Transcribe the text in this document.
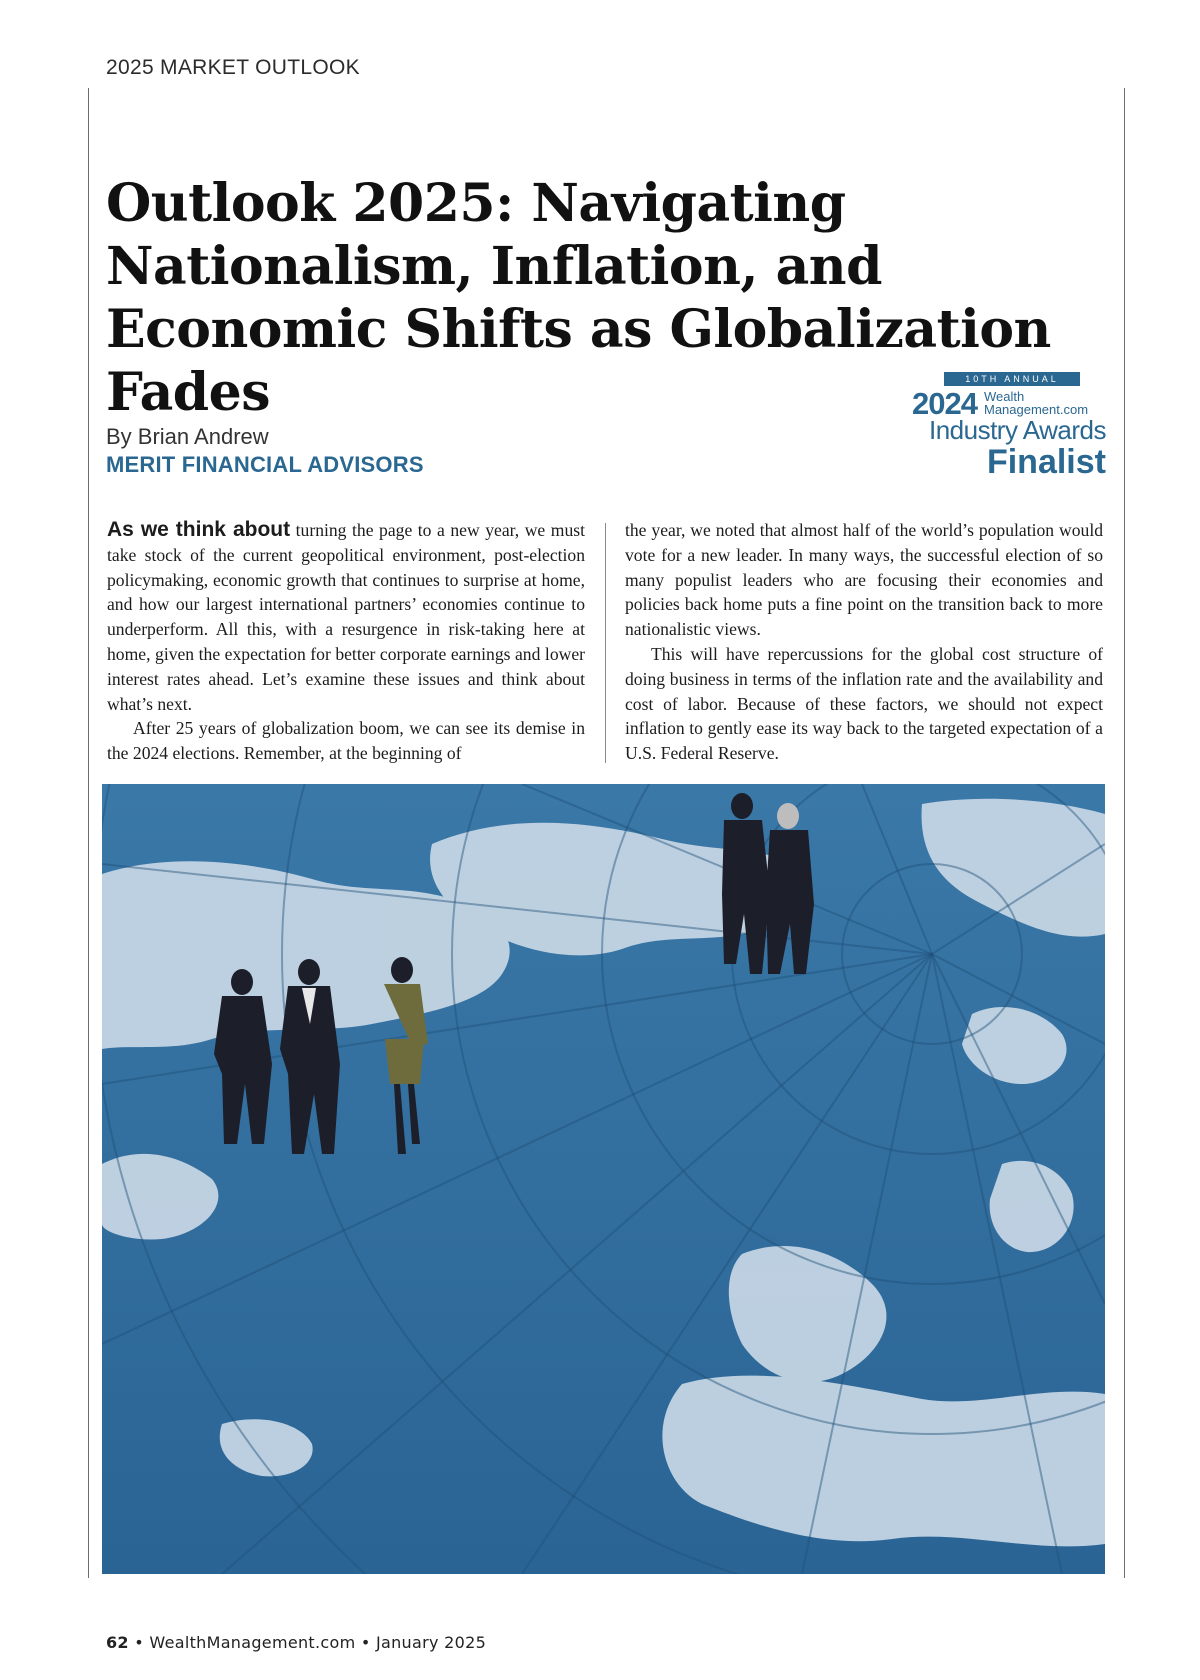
2025 MARKET OUTLOOK
Outlook 2025: Navigating Nationalism, Inflation, and Economic Shifts as Globalization Fades
By Brian Andrew
MERIT FINANCIAL ADVISORS
10TH ANNUAL
2024 Wealth
Management.com
Industry Awards
Finalist

As we think about turning the page to a new year, we must take stock of the current geopolitical environment, post-election policymaking, economic growth that continues to surprise at home, and how our largest international partners’ economies continue to underperform. All this, with a resurgence in risk-taking here at home, given the expectation for better corporate earnings and lower interest rates ahead. Let’s examine these issues and think about what’s next.

After 25 years of globalization boom, we can see its demise in the 2024 elections. Remember, at the beginning of

the year, we noted that almost half of the world’s population would vote for a new leader. In many ways, the successful election of so many populist leaders who are focusing their economies and policies back home puts a fine point on the transition back to more nationalistic views.

This will have repercussions for the global cost structure of doing business in terms of the inflation rate and the availability and cost of labor. Because of these factors, we should not expect inflation to gently ease its way back to the targeted expectation of a U.S. Federal Reserve.

62 • WealthManagement.com • January 2025
